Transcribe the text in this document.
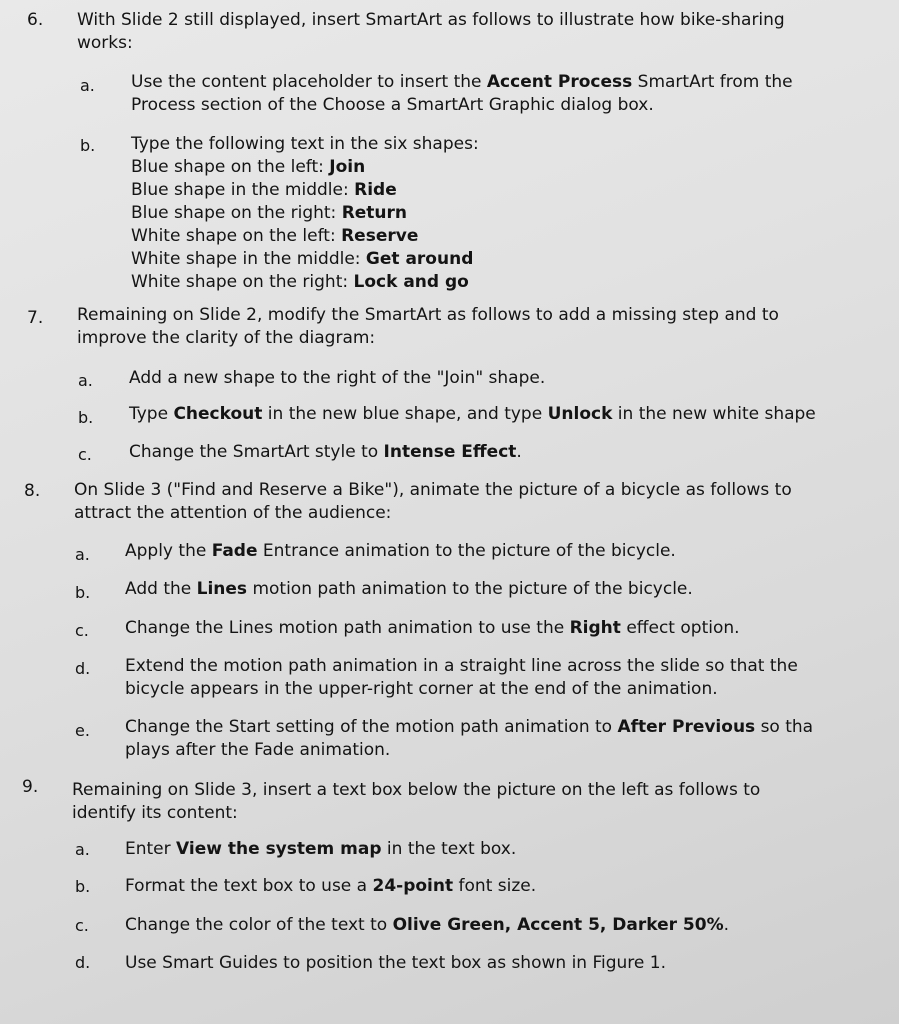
6. With Slide 2 still displayed, insert SmartArt as follows to illustrate how bike-sharing
works:
a. Use the content placeholder to insert the Accent Process SmartArt from the
Process section of the Choose a SmartArt Graphic dialog box.
b. Type the following text in the six shapes:
Blue shape on the left: Join
Blue shape in the middle: Ride
Blue shape on the right: Return
White shape on the left: Reserve
White shape in the middle: Get around
White shape on the right: Lock and go
7. Remaining on Slide 2, modify the SmartArt as follows to add a missing step and to
improve the clarity of the diagram:
a. Add a new shape to the right of the "Join" shape.
b. Type Checkout in the new blue shape, and type Unlock in the new white shape
c. Change the SmartArt style to Intense Effect.
8. On Slide 3 ("Find and Reserve a Bike"), animate the picture of a bicycle as follows to
attract the attention of the audience:
a. Apply the Fade Entrance animation to the picture of the bicycle.
b. Add the Lines motion path animation to the picture of the bicycle.
c. Change the Lines motion path animation to use the Right effect option.
d. Extend the motion path animation in a straight line across the slide so that the
bicycle appears in the upper-right corner at the end of the animation.
e. Change the Start setting of the motion path animation to After Previous so tha
plays after the Fade animation.
9. Remaining on Slide 3, insert a text box below the picture on the left as follows to
identify its content:
a. Enter View the system map in the text box.
b. Format the text box to use a 24-point font size.
c. Change the color of the text to Olive Green, Accent 5, Darker 50%.
d. Use Smart Guides to position the text box as shown in Figure 1.
